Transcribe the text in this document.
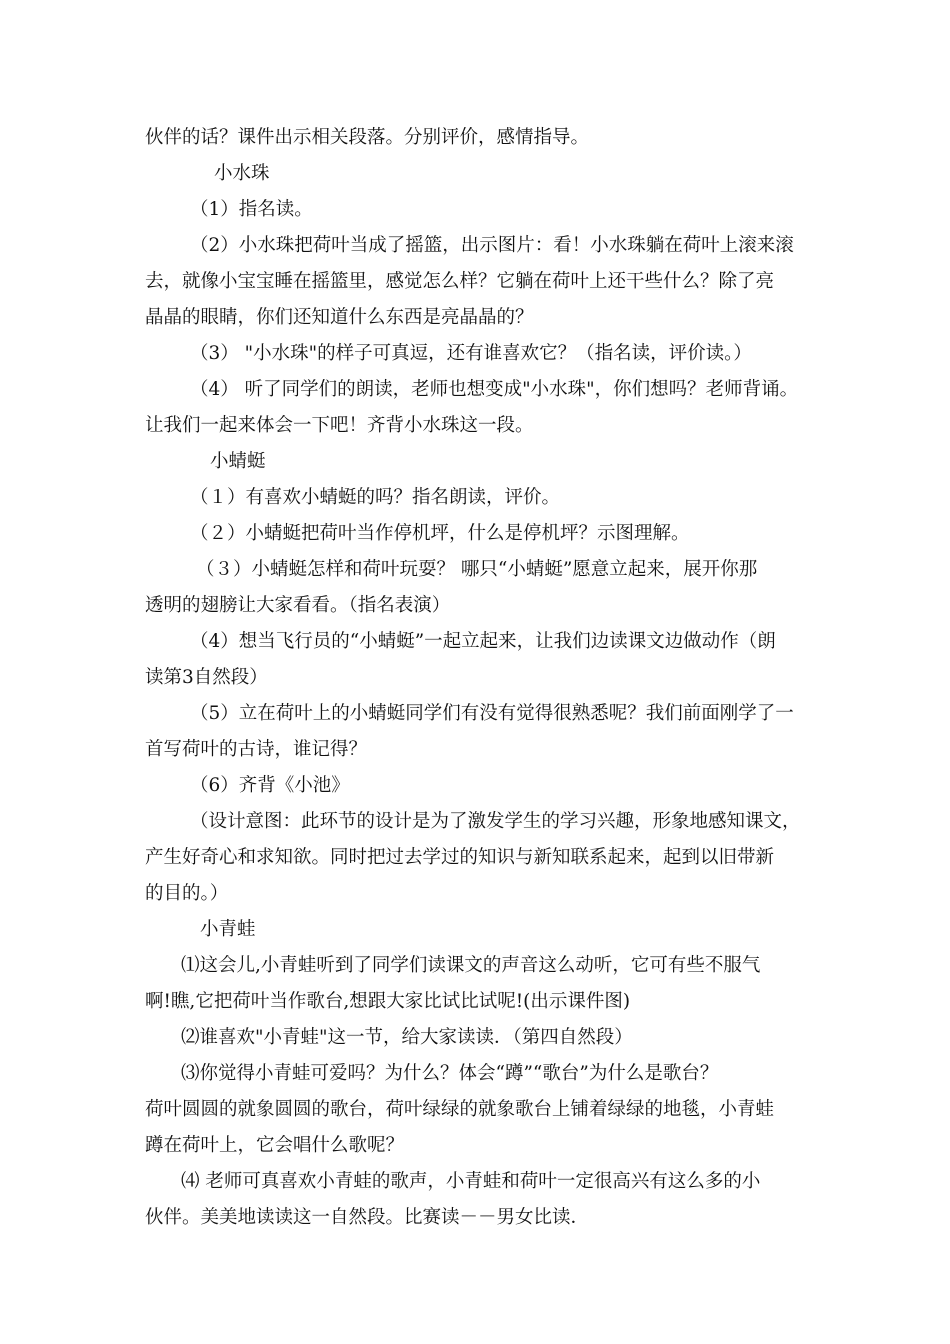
伙伴的话？课件出示相关段落。分别评价，感情指导。
小水珠
（1）指名读。
（2）小水珠把荷叶当成了摇篮，出示图片：看！小水珠躺在荷叶上滚来滚
去，就像小宝宝睡在摇篮里，感觉怎么样？它躺在荷叶上还干些什么？除了亮
晶晶的眼睛，你们还知道什么东西是亮晶晶的？
（3） "小水珠"的样子可真逗，还有谁喜欢它？（指名读，评价读。）
（4） 听了同学们的朗读，老师也想变成"小水珠"，你们想吗？老师背诵。
让我们一起来体会一下吧！齐背小水珠这一段。
小蜻蜓
（１）有喜欢小蜻蜓的吗？指名朗读，评价。
（２）小蜻蜓把荷叶当作停机坪，什么是停机坪？示图理解。
（３）小蜻蜓怎样和荷叶玩耍？ 哪只“小蜻蜓”愿意立起来，展开你那
透明的翅膀让大家看看。（指名表演）
（4）想当飞行员的“小蜻蜓”一起立起来，让我们边读课文边做动作（朗
读第3自然段）
（5）立在荷叶上的小蜻蜓同学们有没有觉得很熟悉呢？我们前面刚学了一
首写荷叶的古诗，谁记得？
（6）齐背《小池》
（设计意图：此环节的设计是为了激发学生的学习兴趣，形象地感知课文，
产生好奇心和求知欲。同时把过去学过的知识与新知联系起来，起到以旧带新
的目的。）
小青蛙
⑴这会儿,小青蛙听到了同学们读课文的声音这么动听，它可有些不服气
啊!瞧,它把荷叶当作歌台,想跟大家比试比试呢!(出示课件图)
⑵谁喜欢"小青蛙"这一节，给大家读读．（第四自然段）
⑶你觉得小青蛙可爱吗？为什么？体会“蹲”“歌台”为什么是歌台？
荷叶圆圆的就象圆圆的歌台，荷叶绿绿的就象歌台上铺着绿绿的地毯，小青蛙
蹲在荷叶上，它会唱什么歌呢？
⑷ 老师可真喜欢小青蛙的歌声，小青蛙和荷叶一定很高兴有这么多的小
伙伴。美美地读读这一自然段。比赛读－－男女比读．
